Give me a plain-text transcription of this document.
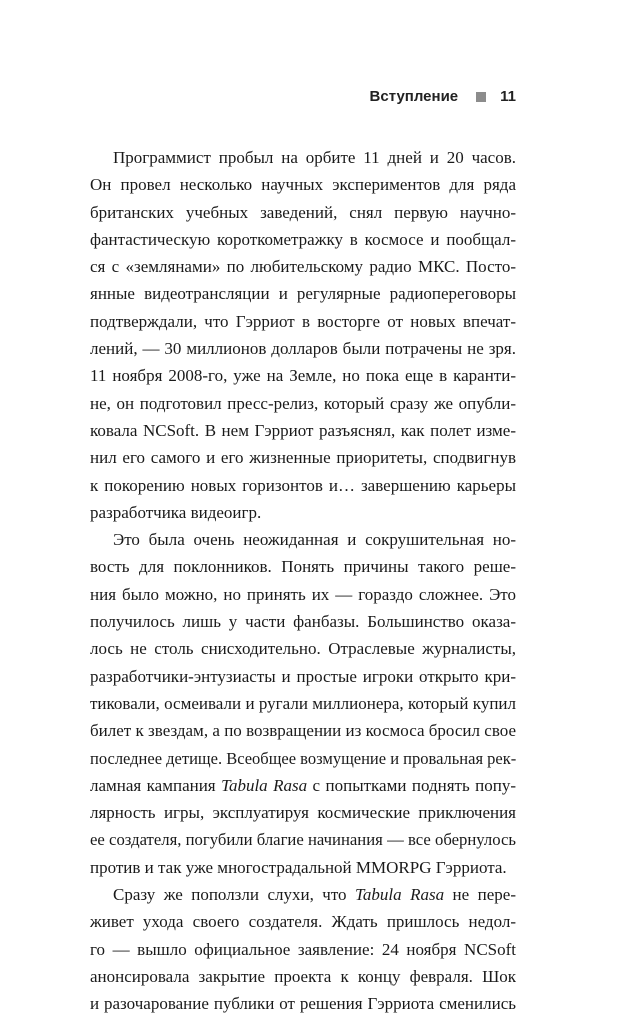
Вступление	11

Программист пробыл на орбите 11 дней и 20 часов.
Он провел несколько научных экспериментов для ряда
британских учебных заведений, снял первую научно-
фантастическую короткометражку в космосе и пообщал-
ся с «землянами» по любительскому радио МКС. Посто-
янные видеотрансляции и регулярные радиопереговоры
подтверждали, что Гэрриот в восторге от новых впечат-
лений, — 30 миллионов долларов были потрачены не зря.
11 ноября 2008-го, уже на Земле, но пока еще в каранти-
не, он подготовил пресс-релиз, который сразу же опубли-
ковала NCSoft. В нем Гэрриот разъяснял, как полет измe-
нил его самого и его жизненные приоритеты, сподвигнув
к покорению новых горизонтов и… завершению карьеры
разработчика видеоигр.

Это была очень неожиданная и сокрушительная но-
вость для поклонников. Понять причины такого реше-
ния было можно, но принять их — гораздо сложнее. Это
получилось лишь у части фанбазы. Большинство оказа-
лось не столь снисходительно. Отраслевые журналисты,
разработчики-энтузиасты и простые игроки открыто кри-
тиковали, осмеивали и ругали миллионера, который купил
билет к звездам, а по возвращении из космоса бросил свое
последнее детище. Всеобщее возмущение и провальная рек-
ламная кампания Tabula Rasa с попытками поднять попу-
лярность игры, эксплуатируя космические приключения
ее создателя, погубили благие начинания — все обернулось
против и так уже многострадальной MMORPG Гэрриота.

Сразу же поползли слухи, что Tabula Rasa не пере-
живет ухода своего создателя. Ждать пришлось недол-
го — вышло официальное заявление: 24 ноября NCSoft
анонсировала закрытие проекта к концу февраля. Шок
и разочарование публики от решения Гэрриота сменились
